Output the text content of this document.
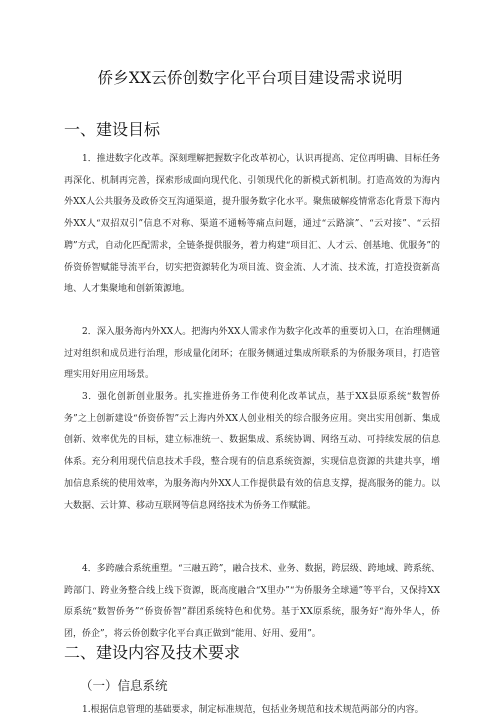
侨乡XX云侨创数字化平台项目建设需求说明
一、建设目标
1．推进数字化改革。深刻理解把握数字化改革初心，认识再提高、定位再明确、目标任务再深化、机制再完善，探索形成面向现代化、引领现代化的新模式新机制。打造高效的为海内外XX人公共服务及政侨交互沟通渠道，提升服务数字化水平。聚焦破解疫情常态化背景下海内外XX人“双招双引”信息不对称、渠道不通畅等痛点问题，通过“云路演”、“云对接”、“云招聘”方式，自动化匹配需求，全链条提供服务，着力构建“项目汇、人才云、创基地、优服务”的侨资侨智赋能导流平台，切实把资源转化为项目流、资金流、人才流、技术流，打造投资新高地、人才集聚地和创新策源地。
2．深入服务海内外XX人。把海内外XX人需求作为数字化改革的重要切入口，在治理侧通过对组织和成员进行治理，形成量化闭环；在服务侧通过集成所联系的为侨服务项目，打造管理实用好用应用场景。
3．强化创新创业服务。扎实推进侨务工作使利化改革试点，基于XX县原系统“数智侨务”之上创新建设“侨资侨智”云上海内外XX人创业相关的综合服务应用。突出实用创新、集成创新、效率优先的目标，建立标准统一、数据集成、系统协调、网络互动、可持续发展的信息体系。充分利用现代信息技术手段，整合现有的信息系统资源，实现信息资源的共建共享，增加信息系统的使用效率，为服务海内外XX人工作提供最有效的信息支撑，提高服务的能力。以大数据、云计算、移动互联网等信息网络技术为侨务工作赋能。
4．多跨融合系统重塑。“三融五跨”，融合技术、业务、数据，跨层级、跨地域、跨系统、跨部门、跨业务整合线上线下资源，既高度融合“X里办”“为侨服务全球通”等平台，又保持XX原系统“数智侨务”“侨资侨智”群团系统特色和优势。基于XX原系统，服务好“海外华人，侨团，侨企”，将云侨创数字化平台真正做到“能用、好用、爱用”。
二、建设内容及技术要求
（一）信息系统
1.根据信息管理的基础要求，制定标准规范，包括业务规范和技术规范两部分的内容。
